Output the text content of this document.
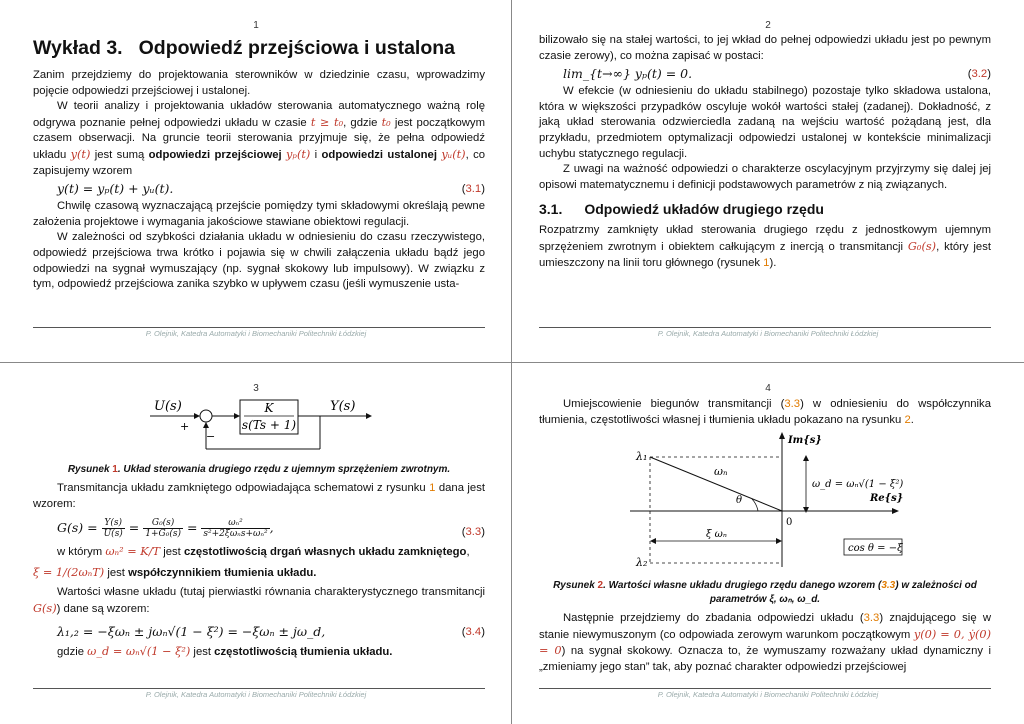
1
Wykład 3. Odpowiedź przejściowa i ustalona

Zanim przejdziemy do projektowania sterowników w dziedzinie czasu, wprowadzimy pojęcie odpowiedzi przejściowej i ustalonej.

W teorii analizy i projektowania układów sterowania automatycznego ważną rolę odgrywa poznanie pełnej odpowiedzi układu w czasie t ≥ t₀, gdzie t₀ jest początkowym czasem obserwacji. Na gruncie teorii sterowania przyjmuje się, że pełna odpowiedź układu y(t) jest sumą odpowiedzi przejściowej yₚ(t) i odpowiedzi ustalonej yᵤ(t), co zapisujemy wzorem

y(t) = yₚ(t) + yᵤ(t).	(3.1)

Chwilę czasową wyznaczającą przejście pomiędzy tymi składowymi określają pewne założenia projektowe i wymagania jakościowe stawiane obiektowi regulacji.

W zależności od szybkości działania układu w odniesieniu do czasu rzeczywistego, odpowiedź przejściowa trwa krótko i pojawia się w chwili załączenia układu bądź jego odpowiedzi na sygnał wymuszający (np. sygnał skokowy lub impulsowy). W związku z tym, odpowiedź przejściowa zanika szybko w upływem czasu (jeśli wymuszenie usta-

P. Olejnik, Katedra Automatyki i Biomechaniki Politechniki Łódzkiej
2

bilizowało się na stałej wartości, to jej wkład do pełnej odpowiedzi układu jest po pewnym czasie zerowy), co można zapisać w postaci:

lim_{t→∞} yₚ(t) = 0.	(3.2)

W efekcie (w odniesieniu do układu stabilnego) pozostaje tylko składowa ustalona, która w większości przypadków oscyluje wokół wartości stałej (zadanej). Dokładność, z jaką układ sterowania odzwierciedla zadaną na wejściu wartość pożądaną jest, dla przykładu, przedmiotem optymalizacji odpowiedzi ustalonej w kontekście minimalizacji uchybu statycznego regulacji.

Z uwagi na ważność odpowiedzi o charakterze oscylacyjnym przyjrzymy się dalej jej opisowi matematycznemu i definicji podstawowych parametrów z nią związanych.

3.1. Odpowiedź układów drugiego rzędu

Rozpatrzmy zamknięty układ sterowania drugiego rzędu z jednostkowym ujemnym sprzężeniem zwrotnym i obiektem całkującym z inercją o transmitancji G₀(s), który jest umieszczony na linii toru głównego (rysunek 1).

P. Olejnik, Katedra Automatyki i Biomechaniki Politechniki Łódzkiej
3
U(s)
+
−
K
s(Ts + 1)
Y(s)
Rysunek 1. Układ sterowania drugiego rzędu z ujemnym sprzężeniem zwrotnym.

Transmitancja układu zamkniętego odpowiadająca schematowi z rysunku 1 dana jest wzorem:

$G(s) = \frac{Y(s)}{U(s)} = \frac{\text{G₀(s)}}{\text{1+G₀(s)}} = \frac{\text{ωₙ²}}{\text{s²+2ξωₙs+ωₙ²}}$ ,	(3.3)

w którym ωₙ² = K/T jest częstotliwością drgań własnych układu zamkniętego,

ξ = 1/(2ωₙT) jest współczynnikiem tłumienia układu.

Wartości własne układu (tutaj pierwiastki równania charakterystycznego transmitancji G(s)) dane są wzorem:

λ₁,₂ = −ξωₙ ± jωₙ√(1 − ξ²) = −ξωₙ ± jω_d,	(3.4)

gdzie ω_d = ωₙ√(1 − ξ²) jest częstotliwością tłumienia układu.

P. Olejnik, Katedra Automatyki i Biomechaniki Politechniki Łódzkiej
4

Umiejscowienie biegunów transmitancji (3.3) w odniesieniu do współczynnika tłumienia, częstotliwości własnej i tłumienia układu pokazano na rysunku 2.

Im{s}
Re{s}
λ₁
λ₂
ωₙ
θ
ω_d = ωₙ√(1 − ξ²)
0
ξ ωₙ
cos θ = −ξ
Rysunek 2. Wartości własne układu drugiego rzędu danego wzorem (3.3) w zależności od parametrów ξ, ωₙ, ω_d.

Następnie przejdziemy do zbadania odpowiedzi układu (3.3) znajdującego się w stanie niewymuszonym (co odpowiada zerowym warunkom początkowym y(0) = 0, ẏ(0) = 0) na sygnał skokowy. Oznacza to, że wymuszamy rozważany układ dynamiczny i „zmieniamy jego stan” tak, aby poznać charakter odpowiedzi przejściowej

P. Olejnik, Katedra Automatyki i Biomechaniki Politechniki Łódzkiej
